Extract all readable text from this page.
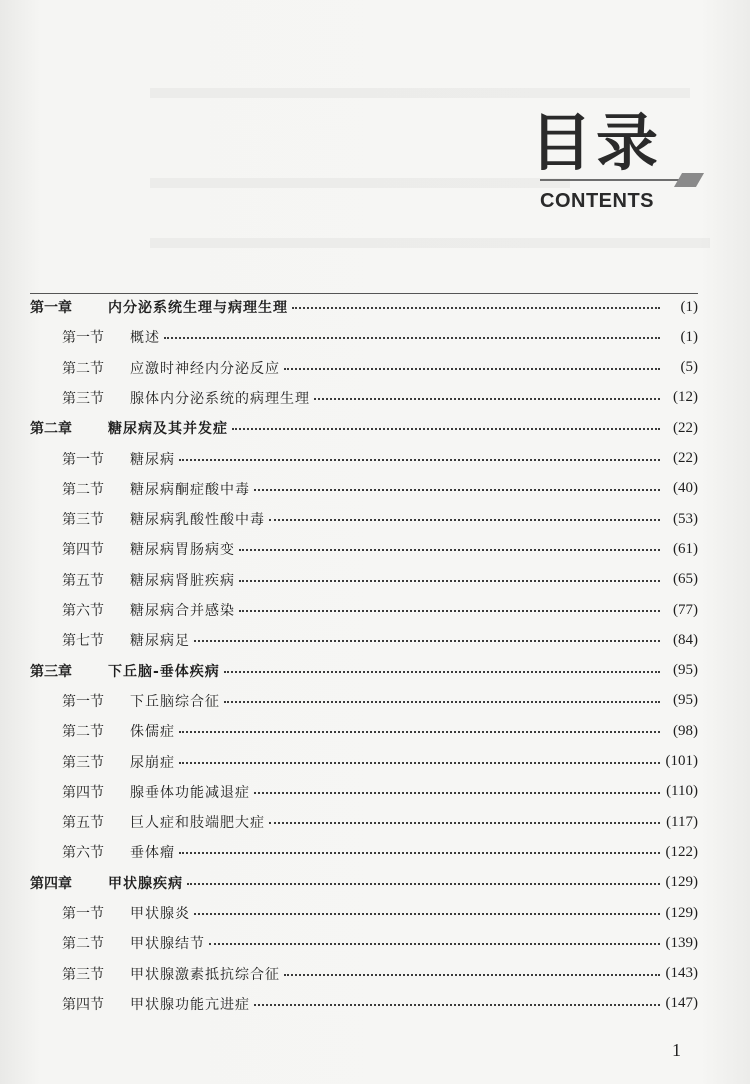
目录
CONTENTS
第一章	内分泌系统生理与病理生理	(1)
第一节	概述	(1)
第二节	应激时神经内分泌反应	(5)
第三节	腺体内分泌系统的病理生理	(12)
第二章	糖尿病及其并发症	(22)
第一节	糖尿病	(22)
第二节	糖尿病酮症酸中毒	(40)
第三节	糖尿病乳酸性酸中毒	(53)
第四节	糖尿病胃肠病变	(61)
第五节	糖尿病肾脏疾病	(65)
第六节	糖尿病合并感染	(77)
第七节	糖尿病足	(84)
第三章	下丘脑-垂体疾病	(95)
第一节	下丘脑综合征	(95)
第二节	侏儒症	(98)
第三节	尿崩症	(101)
第四节	腺垂体功能减退症	(110)
第五节	巨人症和肢端肥大症	(117)
第六节	垂体瘤	(122)
第四章	甲状腺疾病	(129)
第一节	甲状腺炎	(129)
第二节	甲状腺结节	(139)
第三节	甲状腺激素抵抗综合征	(143)
第四节	甲状腺功能亢进症	(147)
1
